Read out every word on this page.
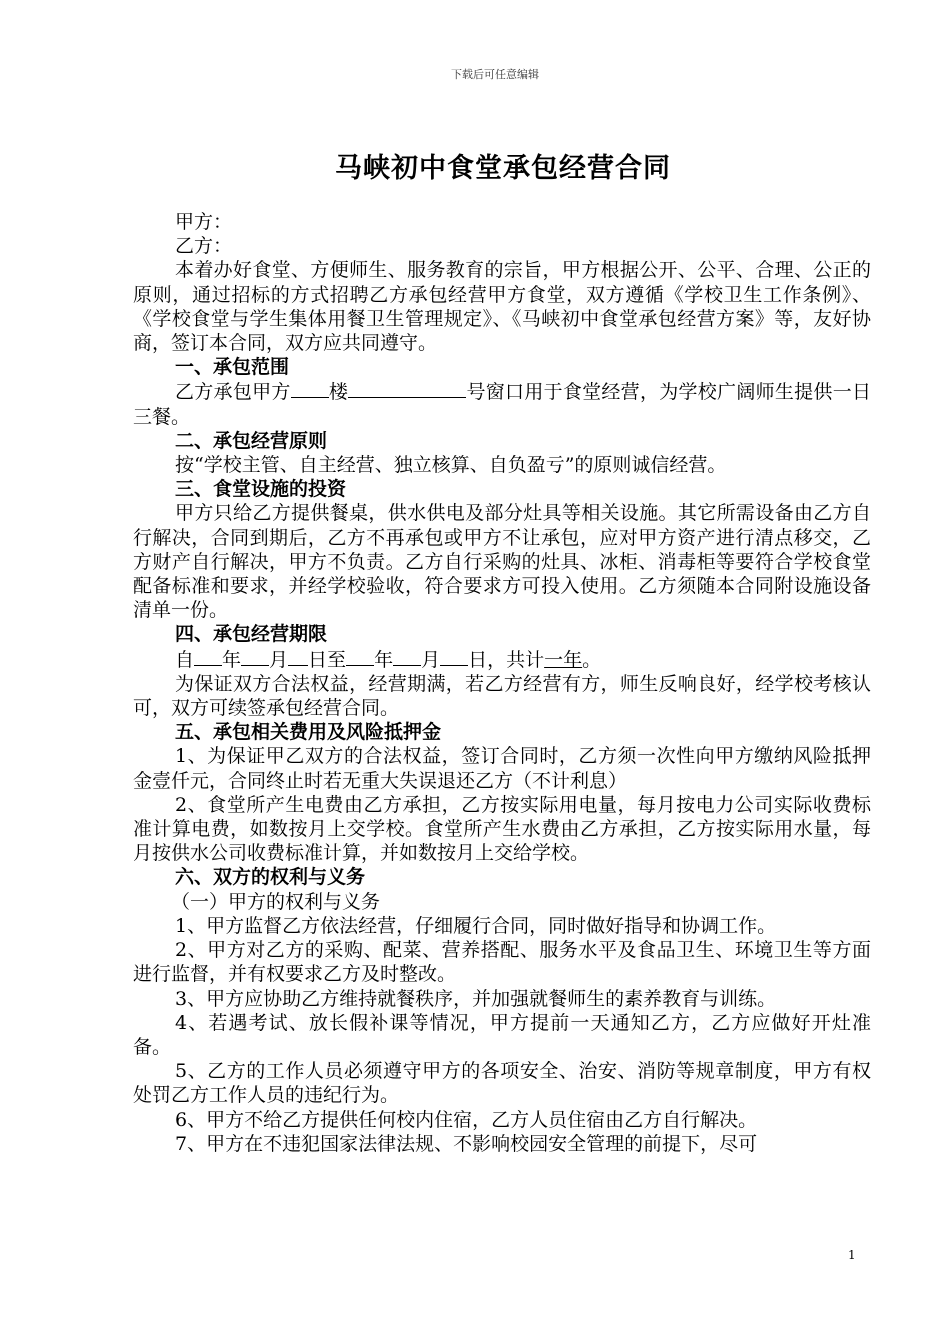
下载后可任意编辑
马峡初中食堂承包经营合同

甲方：

乙方：

本着办好食堂、方便师生、服务教育的宗旨，甲方根据公开、公平、合理、公正的原则，通过招标的方式招聘乙方承包经营甲方食堂，双方遵循《学校卫生工作条例》、《学校食堂与学生集体用餐卫生管理规定》、《马峡初中食堂承包经营方案》等，友好协商，签订本合同，双方应共同遵守。

一、承包范围

乙方承包甲方 楼	号窗口用于食堂经营，为学校广阔师生提供一日三餐。

二、承包经营原则

按“学校主管、自主经营、独立核算、自负盈亏”的原则诚信经营。

三、食堂设施的投资

甲方只给乙方提供餐桌，供水供电及部分灶具等相关设施。其它所需设备由乙方自行解决，合同到期后，乙方不再承包或甲方不让承包，应对甲方资产进行清点移交，乙方财产自行解决，甲方不负责。乙方自行采购的灶具、冰柜、消毒柜等要符合学校食堂配备标准和要求，并经学校验收，符合要求方可投入使用。乙方须随本合同附设施设备清单一份。

四、承包经营期限

自 年 月 日至 年 月 日，共计一年。

为保证双方合法权益，经营期满，若乙方经营有方，师生反响良好，经学校考核认可，双方可续签承包经营合同。

五、承包相关费用及风险抵押金

1、为保证甲乙双方的合法权益，签订合同时，乙方须一次性向甲方缴纳风险抵押金壹仟元，合同终止时若无重大失误退还乙方（不计利息）

2、食堂所产生电费由乙方承担，乙方按实际用电量，每月按电力公司实际收费标准计算电费，如数按月上交学校。食堂所产生水费由乙方承担，乙方按实际用水量，每月按供水公司收费标准计算，并如数按月上交给学校。

六、双方的权利与义务

（一）甲方的权利与义务

1、甲方监督乙方依法经营，仔细履行合同，同时做好指导和协调工作。

2、甲方对乙方的采购、配菜、营养搭配、服务水平及食品卫生、环境卫生等方面进行监督，并有权要求乙方及时整改。

3、甲方应协助乙方维持就餐秩序，并加强就餐师生的素养教育与训练。

4、若遇考试、放长假补课等情况，甲方提前一天通知乙方，乙方应做好开灶准备。

5、乙方的工作人员必须遵守甲方的各项安全、治安、消防等规章制度，甲方有权处罚乙方工作人员的违纪行为。

6、甲方不给乙方提供任何校内住宿，乙方人员住宿由乙方自行解决。

7、甲方在不违犯国家法律法规、不影响校园安全管理的前提下，尽可

1
